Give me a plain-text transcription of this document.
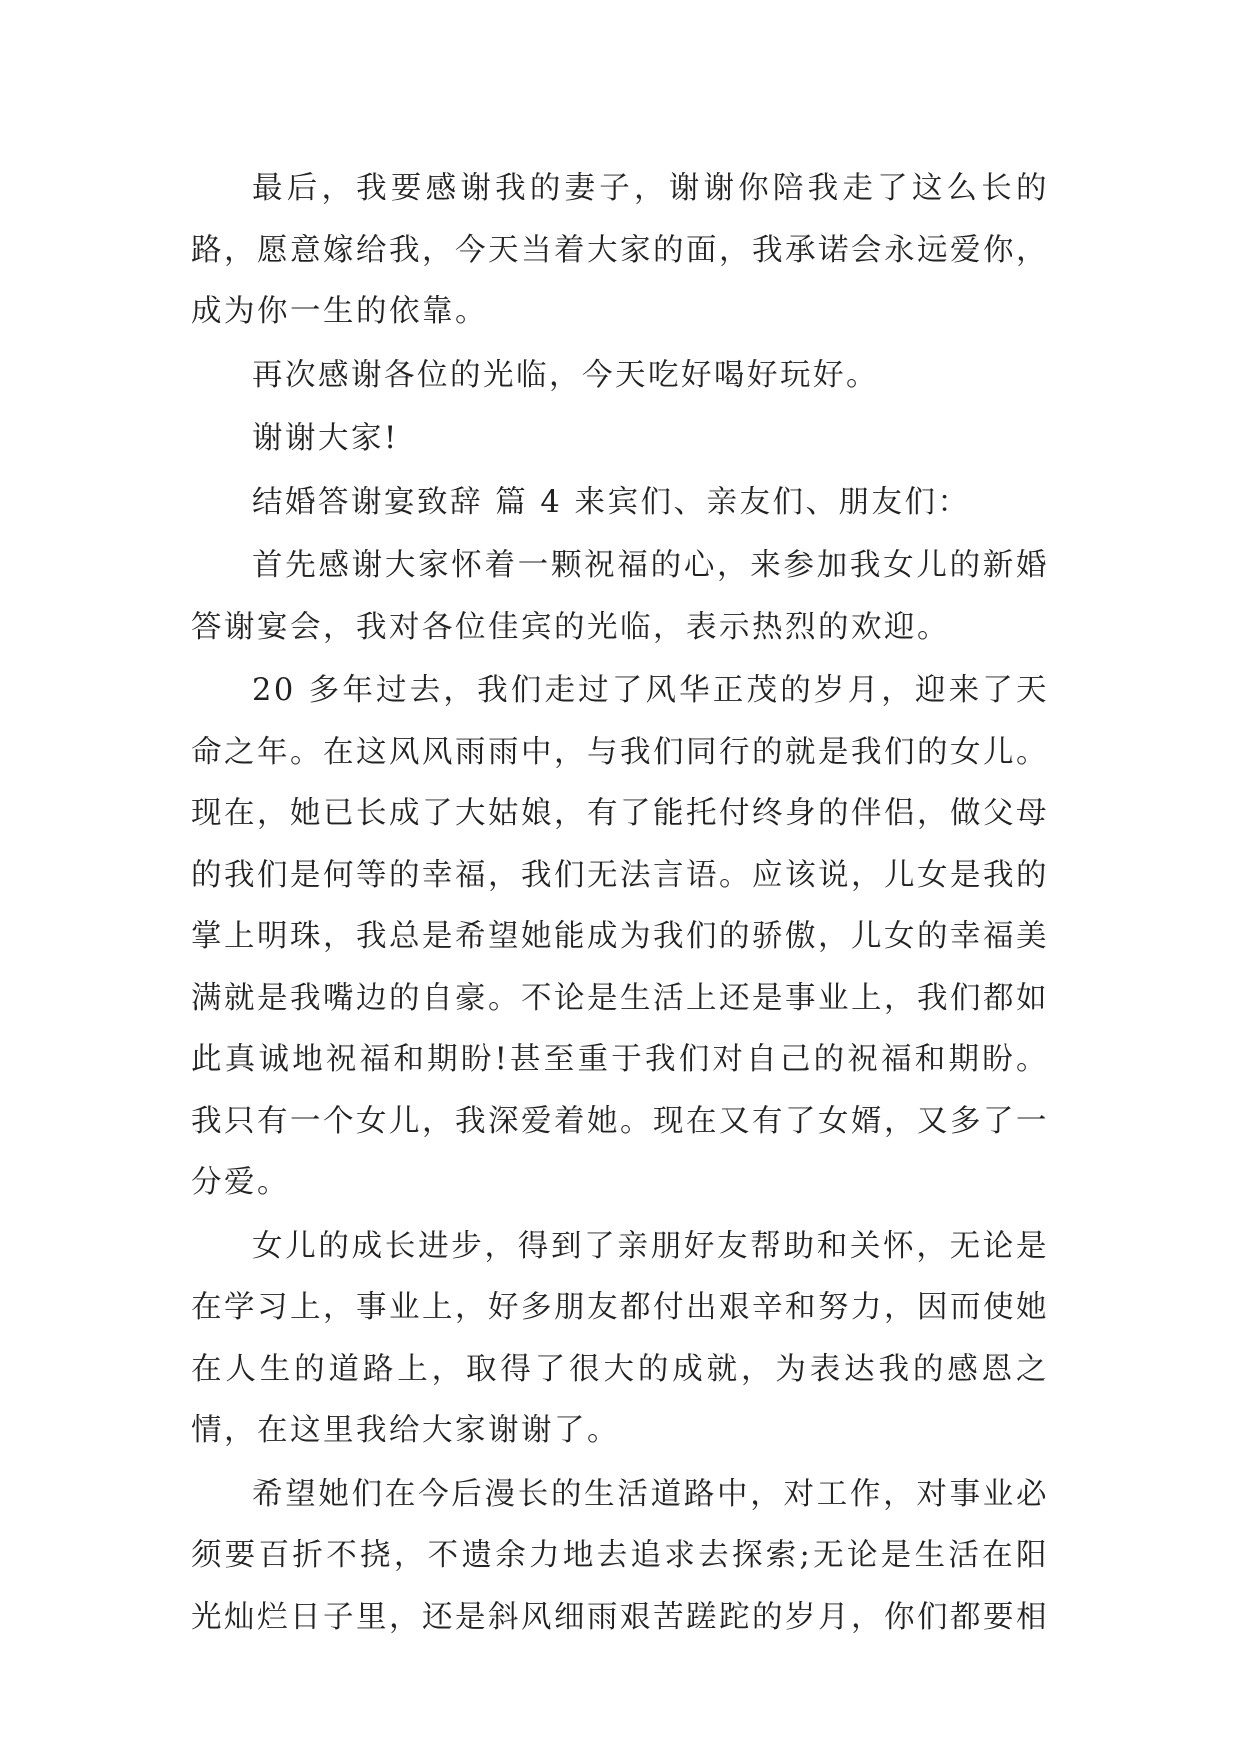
最后，我要感谢我的妻子，谢谢你陪我走了这么长的路，愿意嫁给我，今天当着大家的面，我承诺会永远爱你，成为你一生的依靠。

再次感谢各位的光临，今天吃好喝好玩好。

谢谢大家!

结婚答谢宴致辞 篇 4 来宾们、亲友们、朋友们：

首先感谢大家怀着一颗祝福的心，来参加我女儿的新婚答谢宴会，我对各位佳宾的光临，表示热烈的欢迎。

20 多年过去，我们走过了风华正茂的岁月，迎来了天命之年。在这风风雨雨中，与我们同行的就是我们的女儿。现在，她已长成了大姑娘，有了能托付终身的伴侣，做父母的我们是何等的幸福，我们无法言语。应该说，儿女是我的掌上明珠，我总是希望她能成为我们的骄傲，儿女的幸福美满就是我嘴边的自豪。不论是生活上还是事业上，我们都如此真诚地祝福和期盼!甚至重于我们对自己的祝福和期盼。我只有一个女儿，我深爱着她。现在又有了女婿，又多了一分爱。

女儿的成长进步，得到了亲朋好友帮助和关怀，无论是在学习上，事业上，好多朋友都付出艰辛和努力，因而使她在人生的道路上，取得了很大的成就，为表达我的感恩之情，在这里我给大家谢谢了。

希望她们在今后漫长的生活道路中，对工作，对事业必须要百折不挠，不遗余力地去追求去探索;无论是生活在阳光灿烂日子里，还是斜风细雨艰苦蹉跎的岁月，你们都要相
